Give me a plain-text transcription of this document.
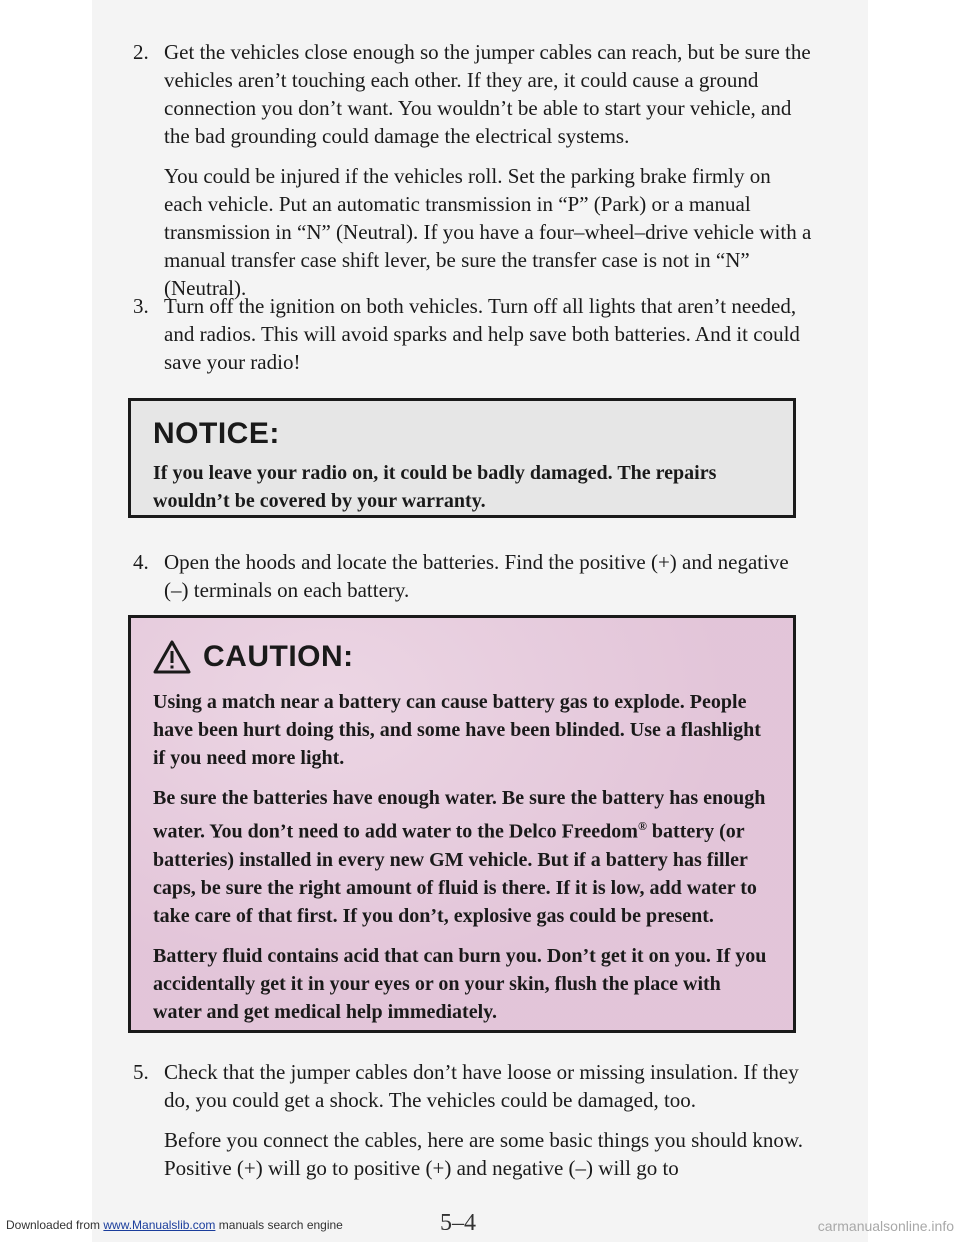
2. Get the vehicles close enough so the jumper cables can reach, but be sure the vehicles aren’t touching each other. If they are, it could cause a ground connection you don’t want. You wouldn’t be able to start your vehicle, and the bad grounding could damage the electrical systems.

You could be injured if the vehicles roll. Set the parking brake firmly on each vehicle. Put an automatic transmission in “P” (Park) or a manual transmission in “N” (Neutral). If you have a four–wheel–drive vehicle with a manual transfer case shift lever, be sure the transfer case is not in “N” (Neutral).

3. Turn off the ignition on both vehicles. Turn off all lights that aren’t needed, and radios. This will avoid sparks and help save both batteries. And it could save your radio!

NOTICE:
If you leave your radio on, it could be badly damaged. The repairs wouldn’t be covered by your warranty.
4. Open the hoods and locate the batteries. Find the positive (+) and negative (–) terminals on each battery.

CAUTION:

Using a match near a battery can cause battery gas to explode. People have been hurt doing this, and some have been blinded. Use a flashlight if you need more light.

Be sure the batteries have enough water. Be sure the battery has enough water. You don’t need to add water to the Delco Freedom® battery (or batteries) installed in every new GM vehicle. But if a battery has filler caps, be sure the right amount of fluid is there. If it is low, add water to take care of that first. If you don’t, explosive gas could be present.

Battery fluid contains acid that can burn you. Don’t get it on you. If you accidentally get it in your eyes or on your skin, flush the place with water and get medical help immediately.

5. Check that the jumper cables don’t have loose or missing insulation. If they do, you could get a shock. The vehicles could be damaged, too.

Before you connect the cables, here are some basic things you should know. Positive (+) will go to positive (+) and negative (–) will go to

Downloaded from www.Manualslib.com manuals search engine	5–4	carmanualsonline.info
